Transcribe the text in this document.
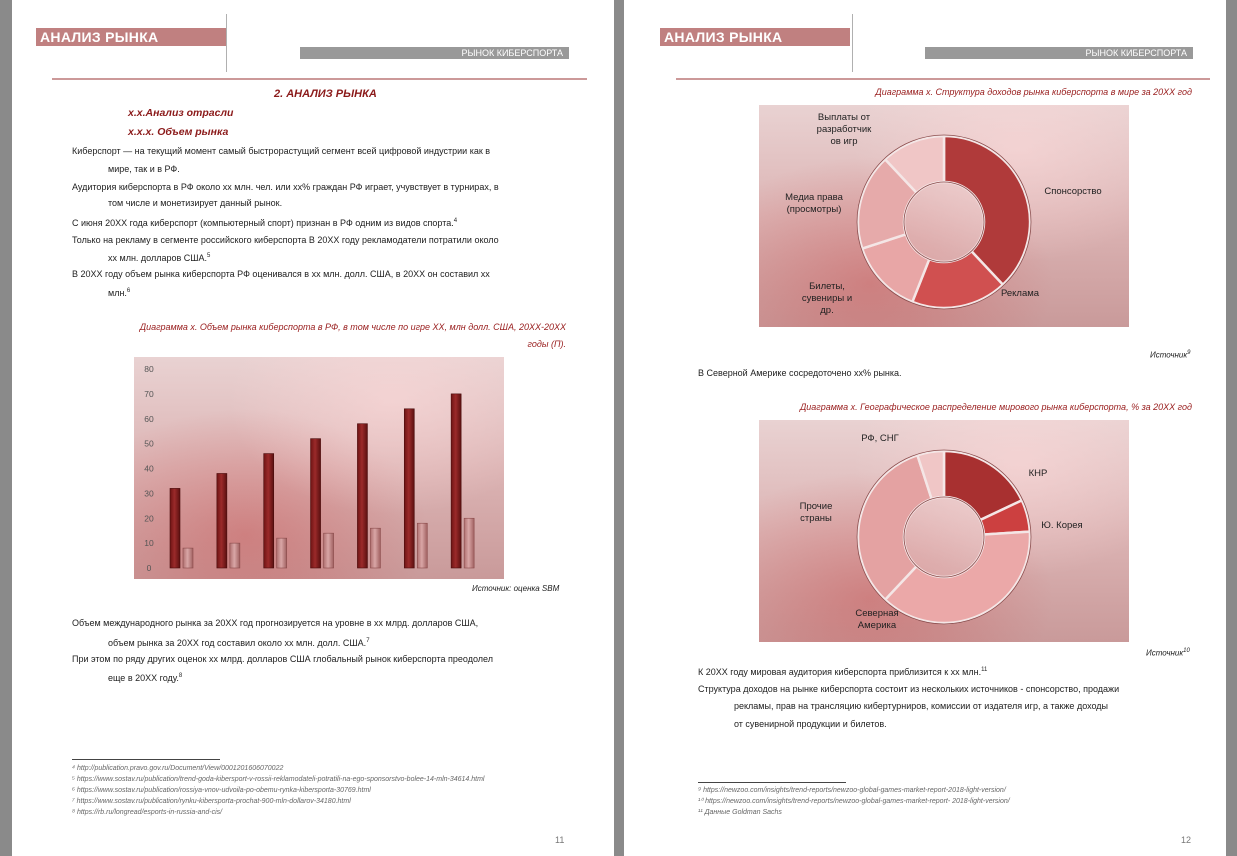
АНАЛИЗ РЫНКА
РЫНОК КИБЕРСПОРТА
2. АНАЛИЗ РЫНКА
х.х.Анализ отрасли
х.х.х. Объем рынка
Киберспорт — на текущий момент самый быстрорастущий сегмент всей цифровой индустрии как в
мире, так и в РФ.
Аудитория киберспорта в РФ около хх млн. чел. или хх% граждан РФ играет, учувствует в турнирах, в
том числе и монетизирует данный рынок.
С июня 20ХХ года киберспорт (компьютерный спорт) признан в РФ одним из видов спорта.$^4$
Только на рекламу в сегменте российского киберспорта В 20ХХ году рекламодатели потратили около
хх млн. долларов США.$^5$
В 20ХХ году объем рынка киберспорта РФ оценивался в хх млн. долл. США, в 20ХХ он составил хх
млн.$^6$
Диаграмма х. Объем рынка киберспорта в РФ, в том числе по игре ХХ, млн долл. США, 20ХХ-20ХХ
годы (П).
0
10
20
30
40
50
60
70
80
Источник: оценка SBM
Объем международного рынка за 20ХХ год прогнозируется на уровне в хх млрд. долларов США,
объем рынка за 20ХХ год составил около хх млн. долл. США.$^7$
При этом по ряду других оценок хх млрд. долларов США глобальный рынок киберспорта преодолел
еще в 20ХХ году.$^8$
⁴ http://publication.pravo.gov.ru/Document/View/0001201606070022
⁵ https://www.sostav.ru/publication/trend-goda-kibersport-v-rossii-reklamodateli-potratili-na-ego-sponsorstvo-bolee-14-mln-34614.html
⁶ https://www.sostav.ru/publication/rossiya-vnov-udvoila-po-obemu-rynka-kibersporta-30769.html
⁷ https://www.sostav.ru/publication/rynku-kibersporta-prochat-900-mln-dollarov-34180.html
⁸ https://rb.ru/longread/esports-in-russia-and-cis/
11
АНАЛИЗ РЫНКА
РЫНОК КИБЕРСПОРТА
Диаграмма х. Структура доходов рынка киберспорта в мире за 20ХХ год
Спонсорство
Реклама
Билеты,
сувениры и
др.
Медиа права
(просмотры)
Выплаты от
разработчик
ов игр
Источник$^9$
В Северной Америке сосредоточено хх% рынка.
Диаграмма х. Географическое распределение мирового рынка киберспорта, % за 20ХХ год
КНР
Ю. Корея
Северная
Америка
Прочие
страны
РФ, СНГ
Источник$^{10}$
К 20ХХ году мировая аудитория киберспорта приблизится к хх млн.$^{11}$
Структура доходов на рынке киберспорта состоит из нескольких источников - спонсорство, продажи
рекламы, прав на трансляцию кибертурниров, комиссии от издателя игр, а также доходы
от сувенирной продукции и билетов.
⁹ https://newzoo.com/insights/trend-reports/newzoo-global-games-market-report-2018-light-version/
¹⁰ https://newzoo.com/insights/trend-reports/newzoo-global-games-market-report- 2018-light-version/
¹¹ Данные Goldman Sachs
12
